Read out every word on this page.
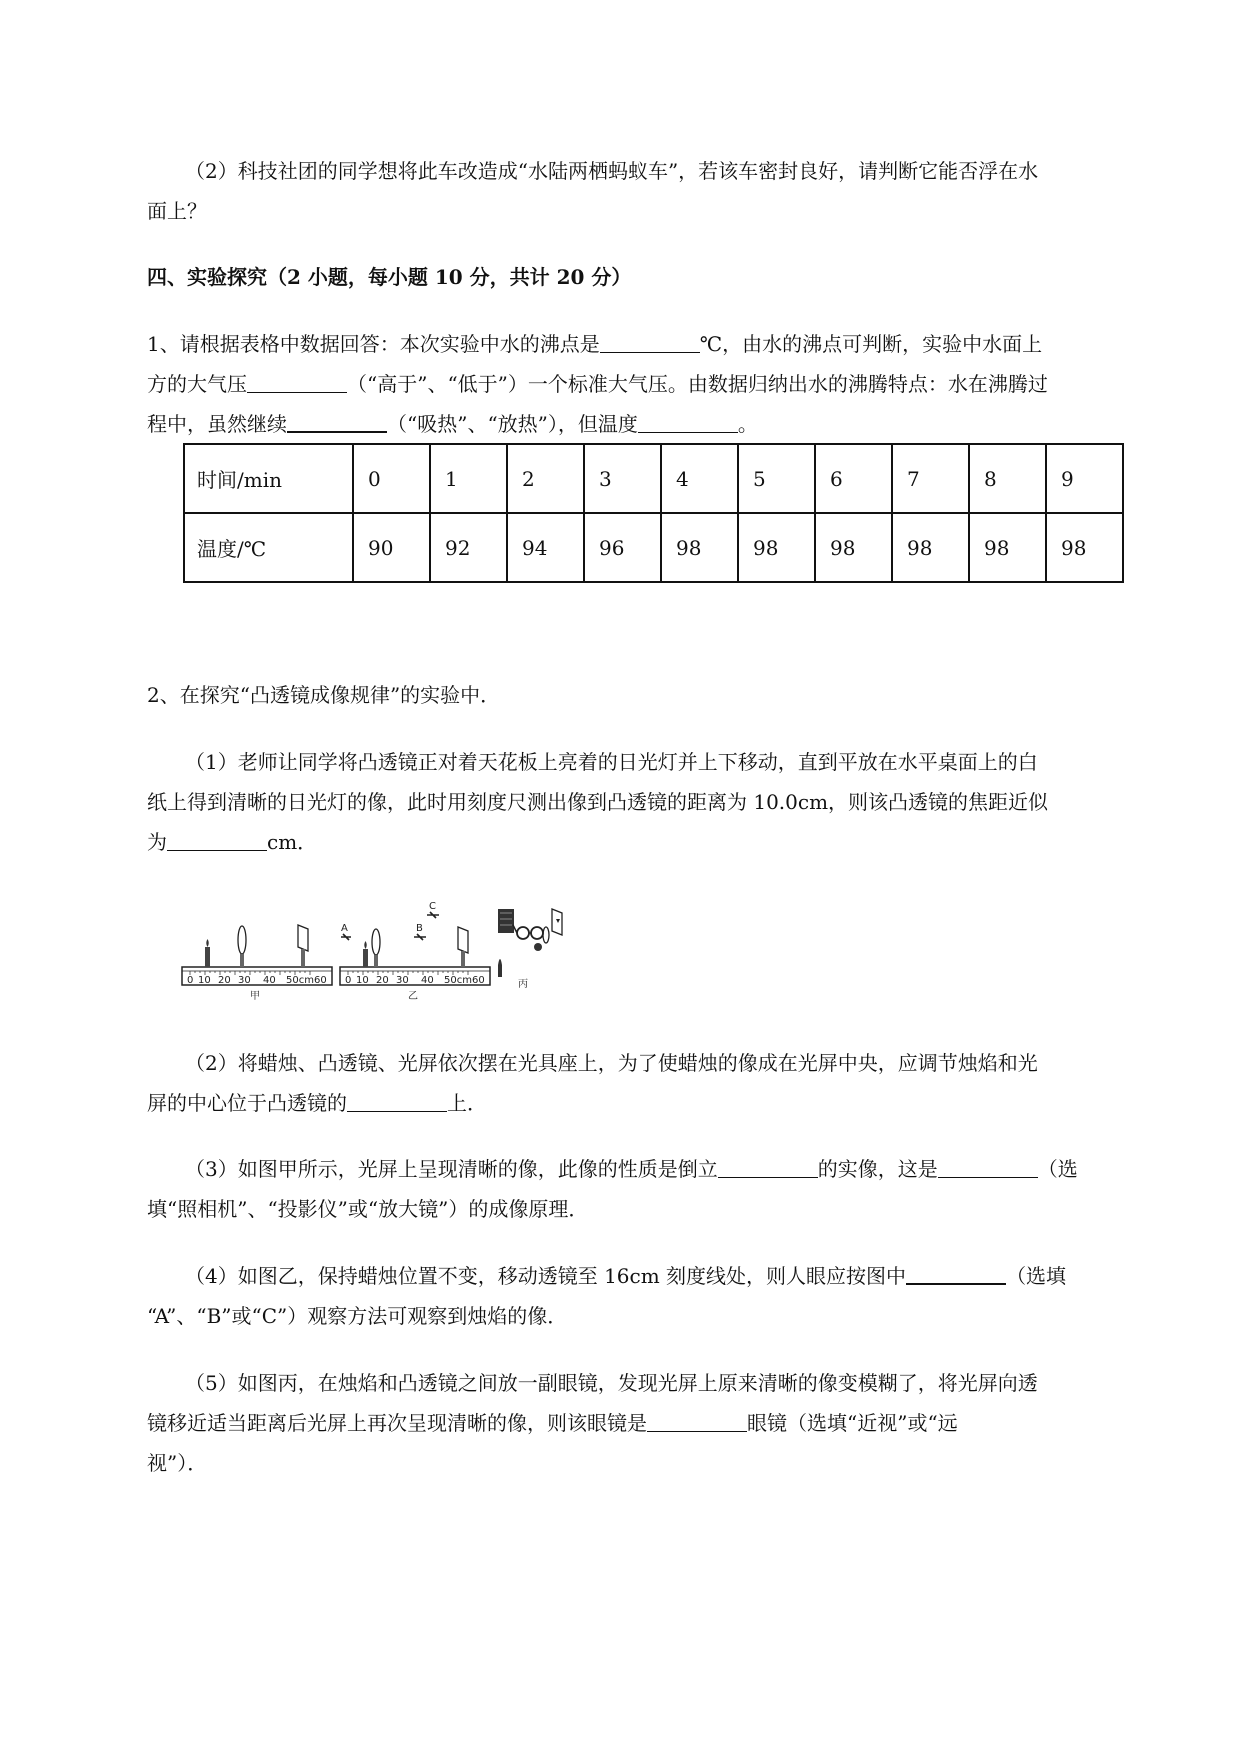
（2）科技社团的同学想将此车改造成“水陆两栖蚂蚁车”，若该车密封良好，请判断它能否浮在水
面上？
四、实验探究（2 小题，每小题 10 分，共计 20 分）
1、请根据表格中数据回答：本次实验中水的沸点是	℃，由水的沸点可判断，实验中水面上
方的大气压	（“高于”、“低于”）一个标准大气压。由数据归纳出水的沸腾特点：水在沸腾过
程中，虽然继续	（“吸热”、“放热”），但温度	。
时间/min	0	1	2	3	4	5	6	7	8	9
温度/℃	90	92	94	96	98	98	98	98	98	98
2、在探究“凸透镜成像规律”的实验中．
（1）老师让同学将凸透镜正对着天花板上亮着的日光灯并上下移动，直到平放在水平桌面上的白
纸上得到清晰的日光灯的像，此时用刻度尺测出像到凸透镜的距离为 10.0cm，则该凸透镜的焦距近似
为	cm．
0 10 20 30 40 50cm60
甲
0 10 20 30 40 50cm60
A	B
C
乙
丙
（2）将蜡烛、凸透镜、光屏依次摆在光具座上，为了使蜡烛的像成在光屏中央，应调节烛焰和光
屏的中心位于凸透镜的	上．
（3）如图甲所示，光屏上呈现清晰的像，此像的性质是倒立	的实像，这是	（选
填“照相机”、“投影仪”或“放大镜”）的成像原理．
（4）如图乙，保持蜡烛位置不变，移动透镜至 16cm 刻度线处，则人眼应按图中	（选填
“A”、“B”或“C”）观察方法可观察到烛焰的像．
（5）如图丙，在烛焰和凸透镜之间放一副眼镜，发现光屏上原来清晰的像变模糊了，将光屏向透
镜移近适当距离后光屏上再次呈现清晰的像，则该眼镜是	眼镜（选填“近视”或“远
视”）．
